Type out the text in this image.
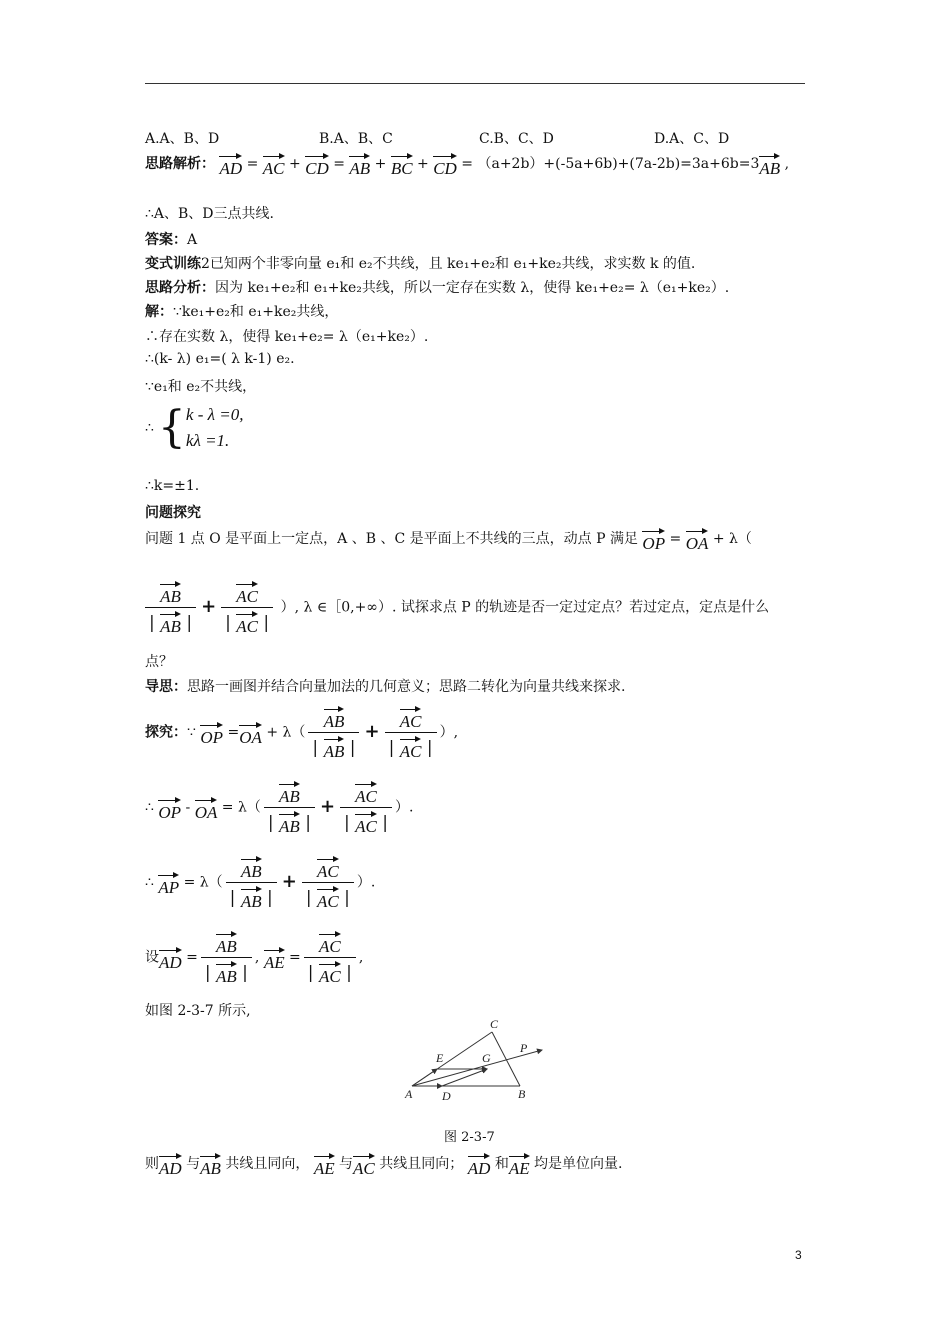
A.A、B、D	B.A、B、C	C.B、C、D	D.A、C、D
思路解析： AD = AC + CD = AB + BC + CD = （a+2b）+(-5a+6b)+(7a-2b)=3a+6b=3AB ,
∴A、B、D三点共线.
答案：A
变式训练2已知两个非零向量 e₁和 e₂不共线，且 ke₁+e₂和 e₁+ke₂共线，求实数 k 的值.
思路分析：因为 ke₁+e₂和 e₁+ke₂共线，所以一定存在实数 λ，使得 ke₁+e₂= λ（e₁+ke₂）.
解：∵ke₁+e₂和 e₁+ke₂共线，
∴存在实数 λ，使得 ke₁+e₂= λ（e₁+ke₂）.
∴(k- λ) e₁=( λ k-1) e₂.
∵e₁和 e₂不共线，
∴{ k - λ =0,
kλ =1.
∴k=±1.
问题探究
问题 1 点 O 是平面上一定点，A 、B 、C 是平面上不共线的三点，动点 P 满足 OP = OA + λ（
$\frac{AB}{| AB |} + \frac{AC}{| AC |}$ ）, λ ∈［0,+∞）. 试探求点 P 的轨迹是否一定过定点？若过定点，定点是什么
点？
导思：思路一画图并结合向量加法的几何意义；思路二转化为向量共线来探求.
探究：∵ OP $=OA + \lambda( \frac{AB}{| AB |} + \frac{AC}{| AC |}$ ）,
∴ OP - OA = $\lambda( \frac{AB}{| AB |} + \frac{AC}{| AC |}$ ）.
∴ AP = $\lambda( \frac{AB}{| AB |} + \frac{AC}{| AC |}$ ）.
设AD = $\frac{AB}{| AB |}$ , AE = $\frac{AC}{| AC |}$ ,
如图 2-3-7 所示,
A	B
C
D
E	G
P
图 2-3-7
则AD 与AB 共线且同向， AE 与AC 共线且同向； AD 和AE 均是单位向量.
3
